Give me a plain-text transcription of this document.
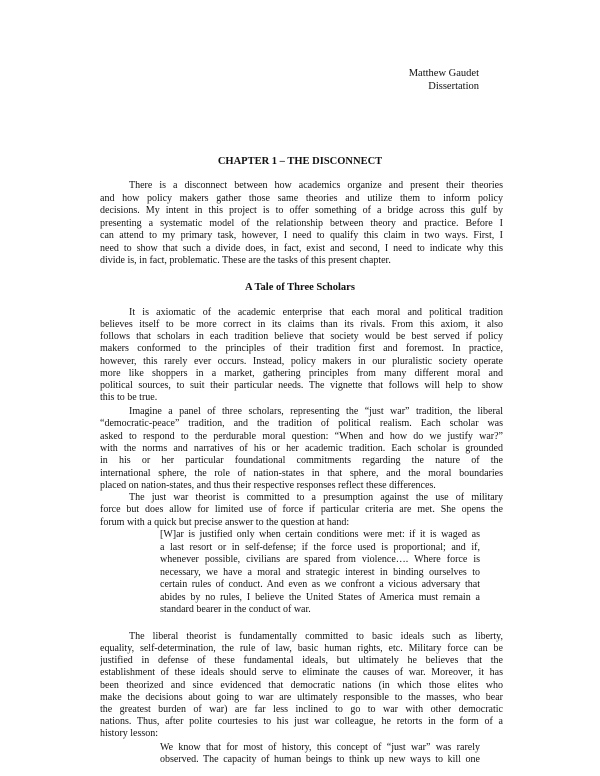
Matthew Gaudet
Dissertation
CHAPTER 1 – THE DISCONNECT
A Tale of Three Scholars
There is a disconnect between how academics organize and present their theories
and how policy makers gather those same theories and utilize them to inform policy
decisions. My intent in this project is to offer something of a bridge across this gulf by
presenting a systematic model of the relationship between theory and practice. Before I
can attend to my primary task, however, I need to qualify this claim in two ways. First, I
need to show that such a divide does, in fact, exist and second, I need to indicate why this
divide is, in fact, problematic. These are the tasks of this present chapter.
It is axiomatic of the academic enterprise that each moral and political tradition
believes itself to be more correct in its claims than its rivals. From this axiom, it also
follows that scholars in each tradition believe that society would be best served if policy
makers conformed to the principles of their tradition first and foremost. In practice,
however, this rarely ever occurs. Instead, policy makers in our pluralistic society operate
more like shoppers in a market, gathering principles from many different moral and
political sources, to suit their particular needs. The vignette that follows will help to show
this to be true.
Imagine a panel of three scholars, representing the “just war” tradition, the liberal
“democratic-peace” tradition, and the tradition of political realism. Each scholar was
asked to respond to the perdurable moral question: “When and how do we justify war?”
with the norms and narratives of his or her academic tradition. Each scholar is grounded
in his or her particular foundational commitments regarding the nature of the
international sphere, the role of nation-states in that sphere, and the moral boundaries
placed on nation-states, and thus their respective responses reflect these differences.
The just war theorist is committed to a presumption against the use of military
force but does allow for limited use of force if particular criteria are met. She opens the
forum with a quick but precise answer to the question at hand:
[W]ar is justified only when certain conditions were met: if it is waged as
a last resort or in self-defense; if the force used is proportional; and if,
whenever possible, civilians are spared from violence…. Where force is
necessary, we have a moral and strategic interest in binding ourselves to
certain rules of conduct. And even as we confront a vicious adversary that
abides by no rules, I believe the United States of America must remain a
standard bearer in the conduct of war.
The liberal theorist is fundamentally committed to basic ideals such as liberty,
equality, self-determination, the rule of law, basic human rights, etc. Military force can be
justified in defense of these fundamental ideals, but ultimately he believes that the
establishment of these ideals should serve to eliminate the causes of war. Moreover, it has
been theorized and since evidenced that democratic nations (in which those elites who
make the decisions about going to war are ultimately responsible to the masses, who bear
the greatest burden of war) are far less inclined to go to war with other democratic
nations. Thus, after polite courtesies to his just war colleague, he retorts in the form of a
history lesson:
We know that for most of history, this concept of “just war” was rarely
observed. The capacity of human beings to think up new ways to kill one
